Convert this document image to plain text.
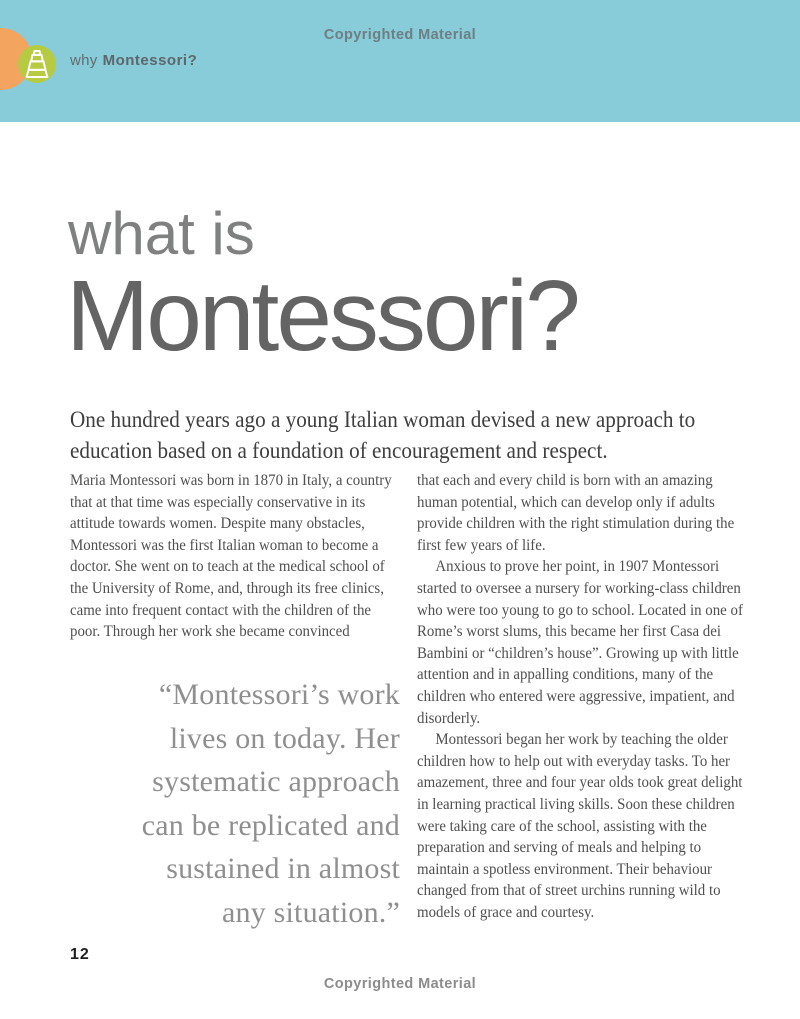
Copyrighted Material
why Montessori?
what is
Montessori?

One hundred years ago a young Italian woman devised a new approach to education based on a foundation of encouragement and respect.

Maria Montessori was born in 1870 in Italy, a country that at that time was especially conservative in its attitude towards women. Despite many obstacles, Montessori was the first Italian woman to become a doctor. She went on to teach at the medical school of the University of Rome, and, through its free clinics, came into frequent contact with the children of the poor. Through her work she became convinced

that each and every child is born with an amazing human potential, which can develop only if adults provide children with the right stimulation during the first few years of life.

Anxious to prove her point, in 1907 Montessori started to oversee a nursery for working-class children who were too young to go to school. Located in one of Rome’s worst slums, this became her first Casa dei Bambini or “children’s house”. Growing up with little attention and in appalling conditions, many of the children who entered were aggressive, impatient, and disorderly.

Montessori began her work by teaching the older children how to help out with everyday tasks. To her amazement, three and four year olds took great delight in learning practical living skills. Soon these children were taking care of the school, assisting with the preparation and serving of meals and helping to maintain a spotless environment. Their behaviour changed from that of street urchins running wild to models of grace and courtesy.

“Montessori’s work
lives on today. Her
systematic approach
can be replicated and
sustained in almost
any situation.”
12
Copyrighted Material
